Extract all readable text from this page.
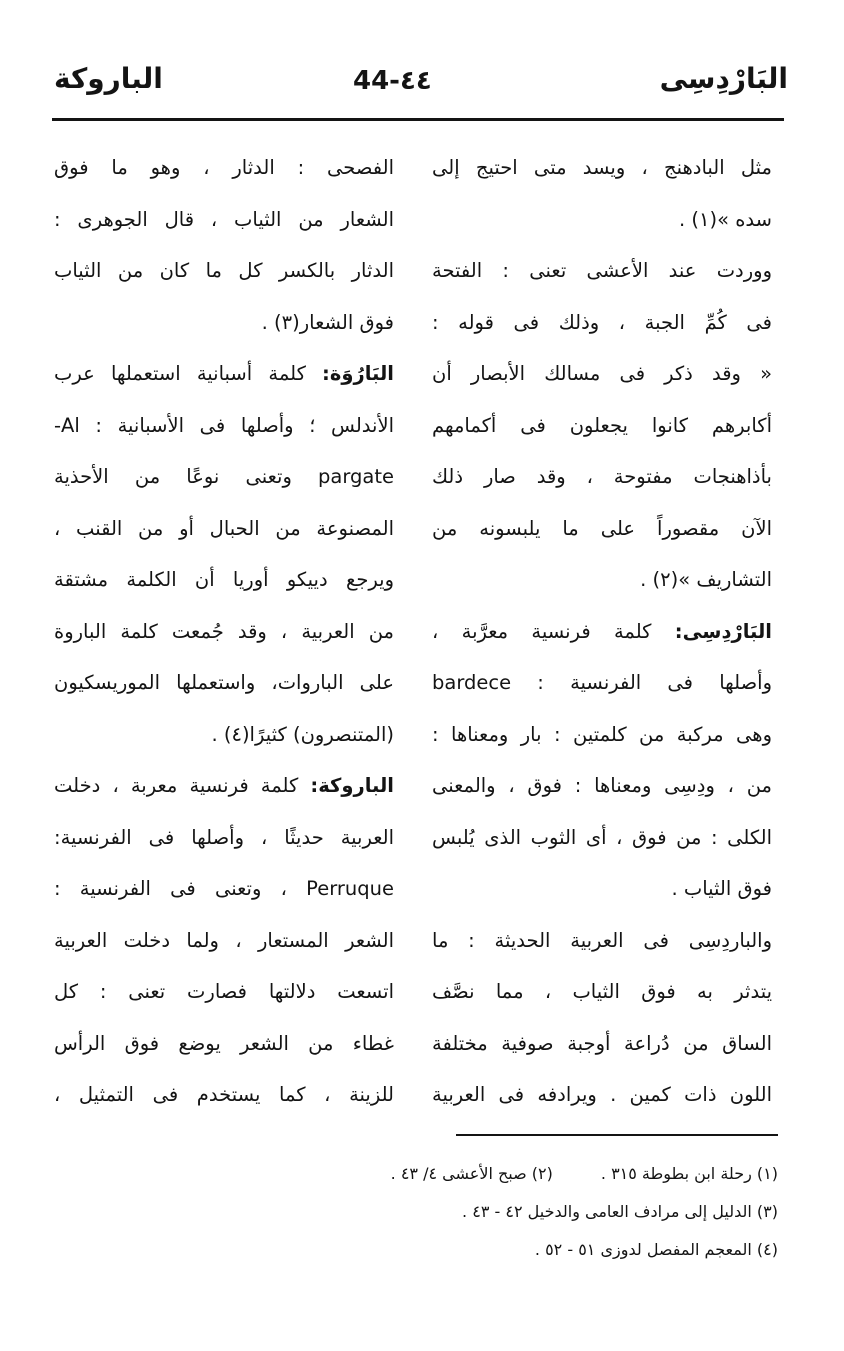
البَارْدِسِى
44-٤٤
الباروكة
مثل البادهنج ، ويسد متى احتيج إلى
سده »(١) .
ووردت عند الأعشى تعنى : الفتحة
فى كُمِّ الجبة ، وذلك فى قوله :
« وقد ذكر فى مسالك الأبصار أن
أكابرهم كانوا يجعلون فى أكمامهم
بأذاهنجات مفتوحة ، وقد صار ذلك
الآن مقصوراً على ما يلبسونه من
التشاريف »(٢) .
البَارْدِسِى: كلمة فرنسية معرَّبة ،
وأصلها فى الفرنسية : bardece
وهى مركبة من كلمتين : بار ومعناها :
من ، ودِسِى ومعناها : فوق ، والمعنى
الكلى : من فوق ، أى الثوب الذى يُلبس
فوق الثياب .
والباردِسِى فى العربية الحديثة : ما
يتدثر به فوق الثياب ، مما نصَّف
الساق من دُراعة أوجبة صوفية مختلفة
اللون ذات كمين . ويرادفه فى العربية
الفصحى : الدثار ، وهو ما فوق
الشعار من الثياب ، قال الجوهرى :
الدثار بالكسر كل ما كان من الثياب
فوق الشعار(٣) .
البَارُوَة: كلمة أسبانية استعملها عرب
الأندلس ؛ وأصلها فى الأسبانية : Al-
pargate وتعنى نوعًا من الأحذية
المصنوعة من الحبال أو من القنب ،
ويرجع دييكو أوريا أن الكلمة مشتقة
من العربية ، وقد جُمعت كلمة الباروة
على الباروات، واستعملها الموريسكيون
(المتنصرون) كثيرًا(٤) .
الباروكة: كلمة فرنسية معربة ، دخلت
العربية حديثًا ، وأصلها فى الفرنسية:
Perruque ، وتعنى فى الفرنسية :
الشعر المستعار ، ولما دخلت العربية
اتسعت دلالتها فصارت تعنى : كل
غطاء من الشعر يوضع فوق الرأس
للزينة ، كما يستخدم فى التمثيل ،
(١) رحلة ابن بطوطة ٣١٥ .(٢) صبح الأعشى ٤/ ٤٣ .
(٣) الدليل إلى مرادف العامى والدخيل ٤٢ - ٤٣ .
(٤) المعجم المفصل لدوزى ٥١ - ٥٢ .
